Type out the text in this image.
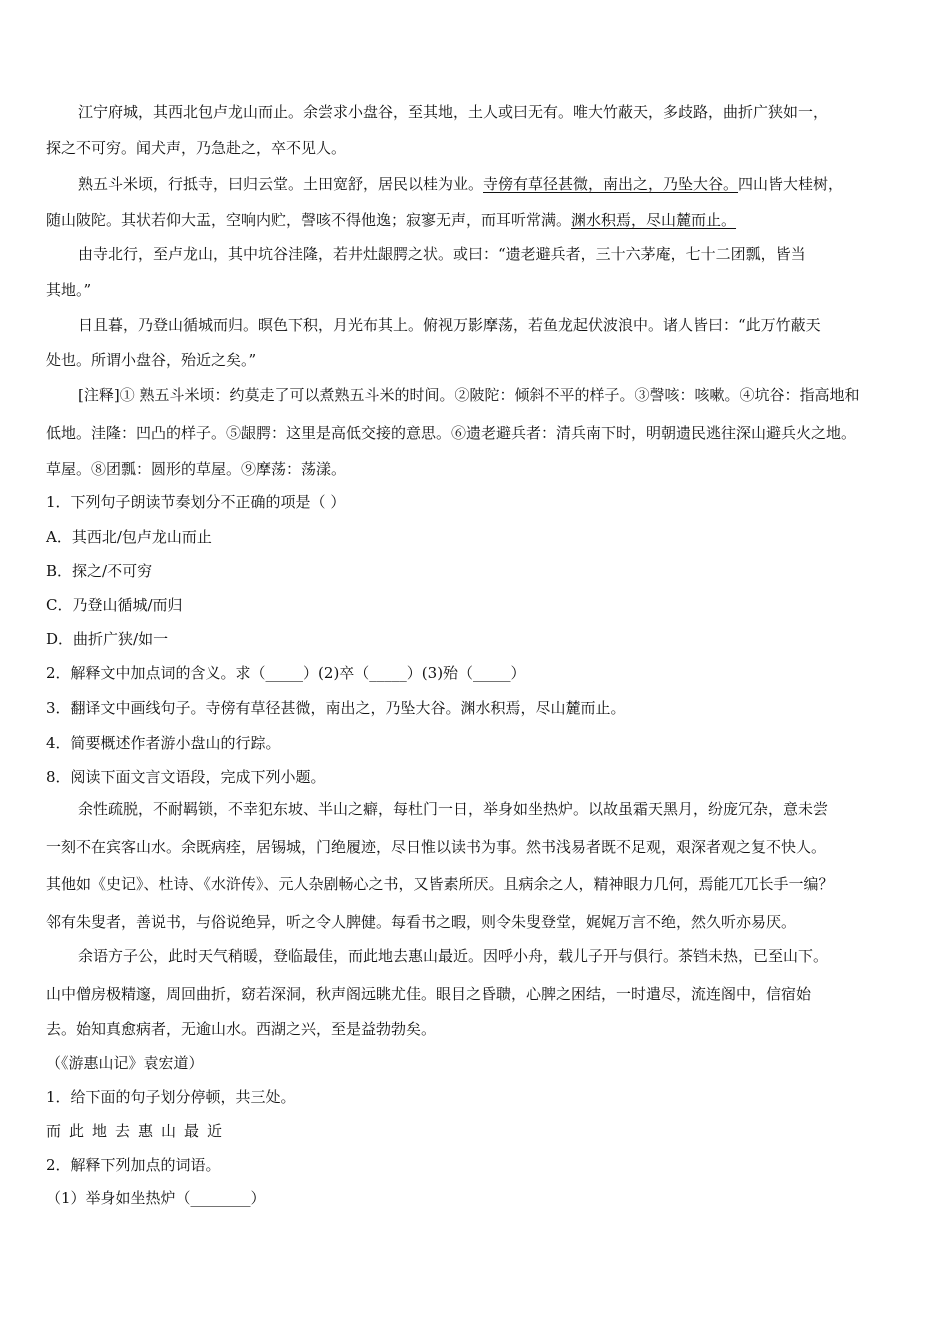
江宁府城，其西北包卢龙山而止。余尝求小盘谷，至其地，土人或曰无有。唯大竹蔽天，多歧路，曲折广狭如一，
探之不可穷。闻犬声，乃急赴之，卒不见人。
熟五斗米顷，行抵寺，曰归云堂。土田宽舒，居民以桂为业。寺傍有草径甚微，南出之，乃坠大谷。四山皆大桂树，
随山陂陀。其状若仰大盂，空响内贮，謦咳不得他逸；寂寥无声，而耳听常满。渊水积焉，尽山麓而止。
由寺北行，至卢龙山，其中坑谷洼隆，若井灶龈腭之状。或曰：“遗老避兵者，三十六茅庵，七十二团瓢，皆当
其地。”
日且暮，乃登山循城而归。暝色下积，月光布其上。俯视万影摩荡，若鱼龙起伏波浪中。诸人皆曰：“此万竹蔽天
处也。所谓小盘谷，殆近之矣。”
[注释]① 熟五斗米顷：约莫走了可以煮熟五斗米的时间。②陂陀：倾斜不平的样子。③謦咳：咳嗽。④坑谷：指高地和
低地。洼隆：凹凸的样子。⑤龈腭：这里是高低交接的意思。⑥遗老避兵者：清兵南下时，明朝遗民逃往深山避兵火之地。
草屋。⑧团瓢：圆形的草屋。⑨摩荡：荡漾。
1．下列句子朗读节奏划分不正确的项是（ ）
A．其西北/包卢龙山而止
B．探之/不可穷
C．乃登山循城/而归
D．曲折广狭/如一
2．解释文中加点词的含义。求（_____）(2)卒（_____）(3)殆（_____）
3．翻译文中画线句子。寺傍有草径甚微，南出之，乃坠大谷。渊水积焉，尽山麓而止。
4．简要概述作者游小盘山的行踪。
8．阅读下面文言文语段，完成下列小题。
余性疏脱，不耐羁锁，不幸犯东坡、半山之癖，每杜门一日，举身如坐热炉。以故虽霜天黑月，纷庞冗杂，意未尝
一刻不在宾客山水。余既病痊，居锡城，门绝履迹，尽日惟以读书为事。然书浅易者既不足观，艰深者观之复不快人。
其他如《史记》、杜诗、《水浒传》、元人杂剧畅心之书，又皆素所厌。且病余之人，精神眼力几何，焉能兀兀长手一编？
邻有朱叟者，善说书，与俗说绝异，听之令人脾健。每看书之暇，则令朱叟登堂，娓娓万言不绝，然久听亦易厌。
余语方子公，此时天气稍暖，登临最佳，而此地去惠山最近。因呼小舟，载儿子开与俱行。茶铛未热，已至山下。
山中僧房极精邃，周回曲折，窈若深洞，秋声阁远眺尤佳。眼目之昏聩，心脾之困结，一时遣尽，流连阁中，信宿始
去。始知真愈病者，无逾山水。西湖之兴，至是益勃勃矣。
（《游惠山记》袁宏道）
1．给下面的句子划分停顿，共三处。
而此地去惠山最近
2．解释下列加点的词语。
（1）举身如坐热炉（________）
